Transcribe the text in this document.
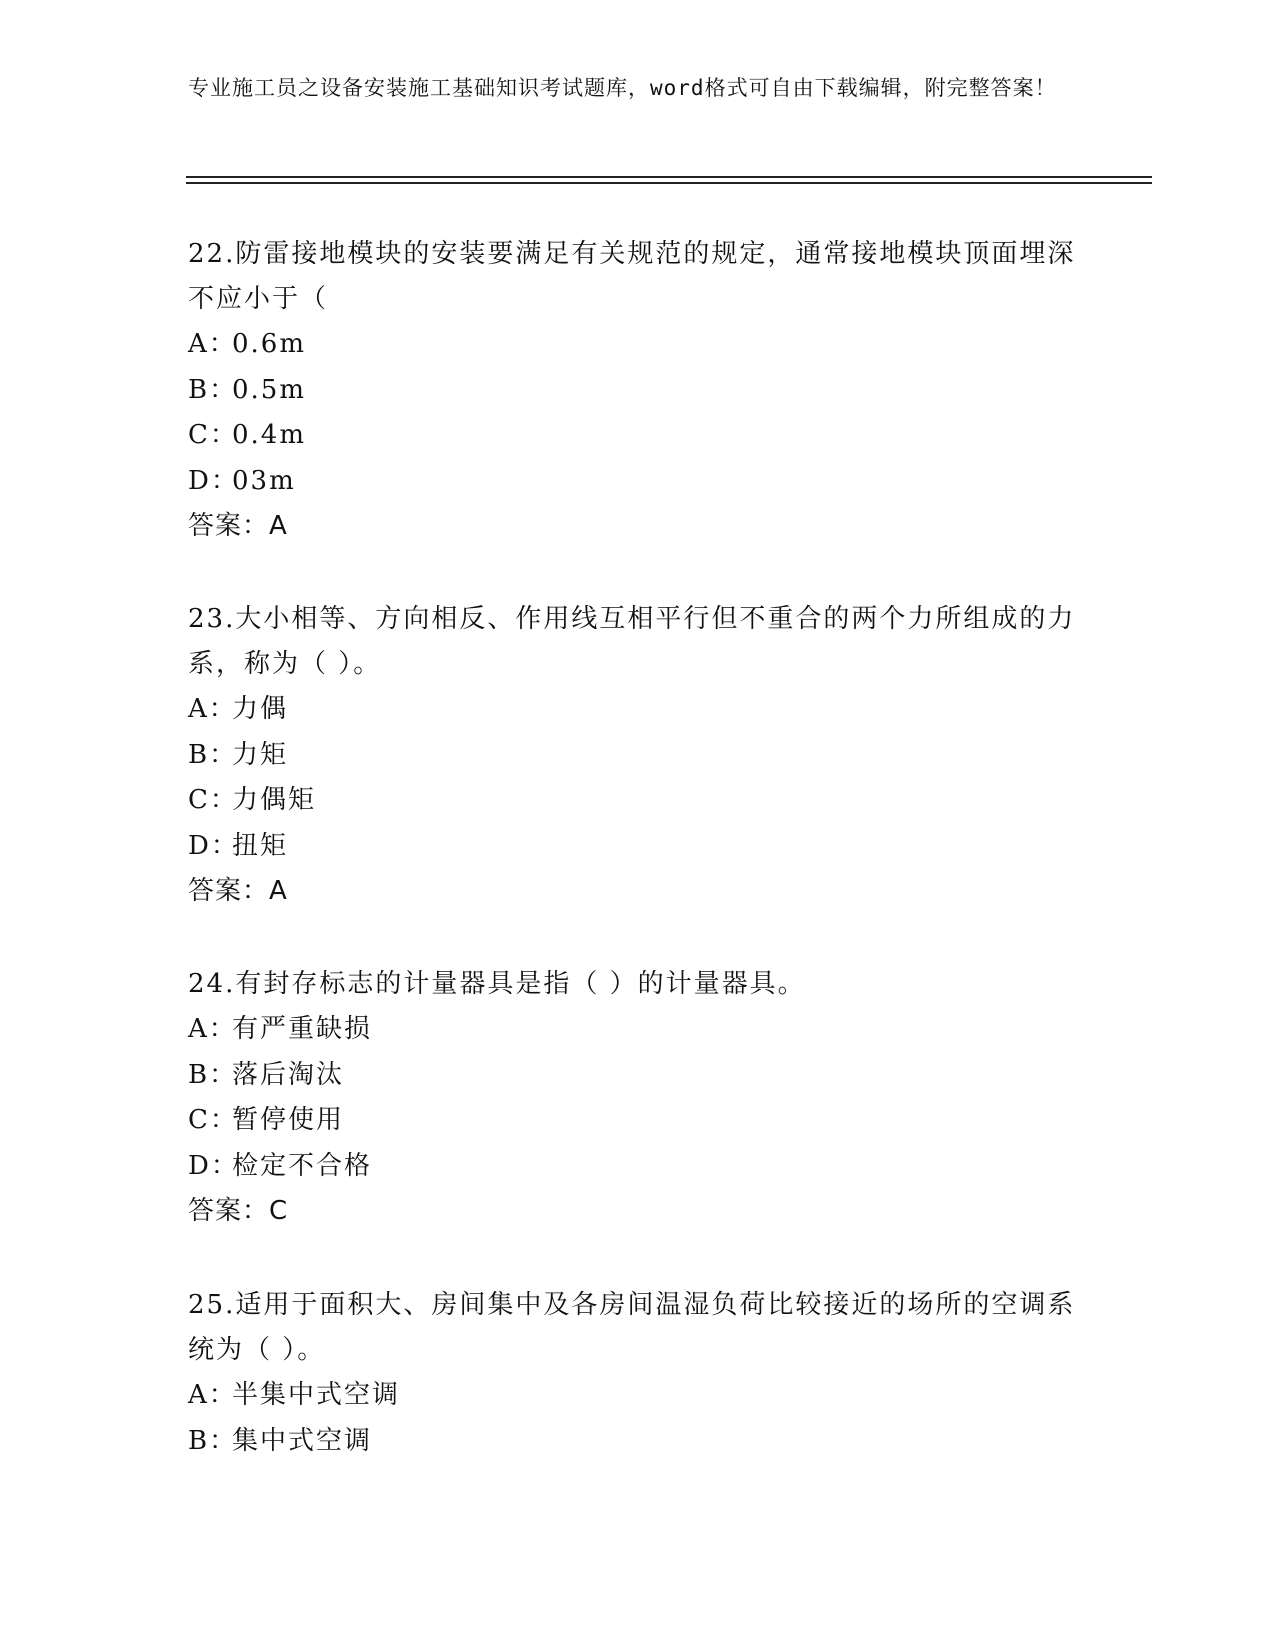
专业施工员之设备安装施工基础知识考试题库，word格式可自由下载编辑，附完整答案！
22.防雷接地模块的安装要满足有关规范的规定，通常接地模块顶面埋深不应小于（
A：0.6m
B：0.5m
C：0.4m
D：03m
答案：A
23.大小相等、方向相反、作用线互相平行但不重合的两个力所组成的力系，称为（ ）。
A：力偶
B：力矩
C：力偶矩
D：扭矩
答案：A
24.有封存标志的计量器具是指（ ）的计量器具。
A：有严重缺损
B：落后淘汰
C：暂停使用
D：检定不合格
答案：C
25.适用于面积大、房间集中及各房间温湿负荷比较接近的场所的空调系统为（ ）。
A：半集中式空调
B：集中式空调
